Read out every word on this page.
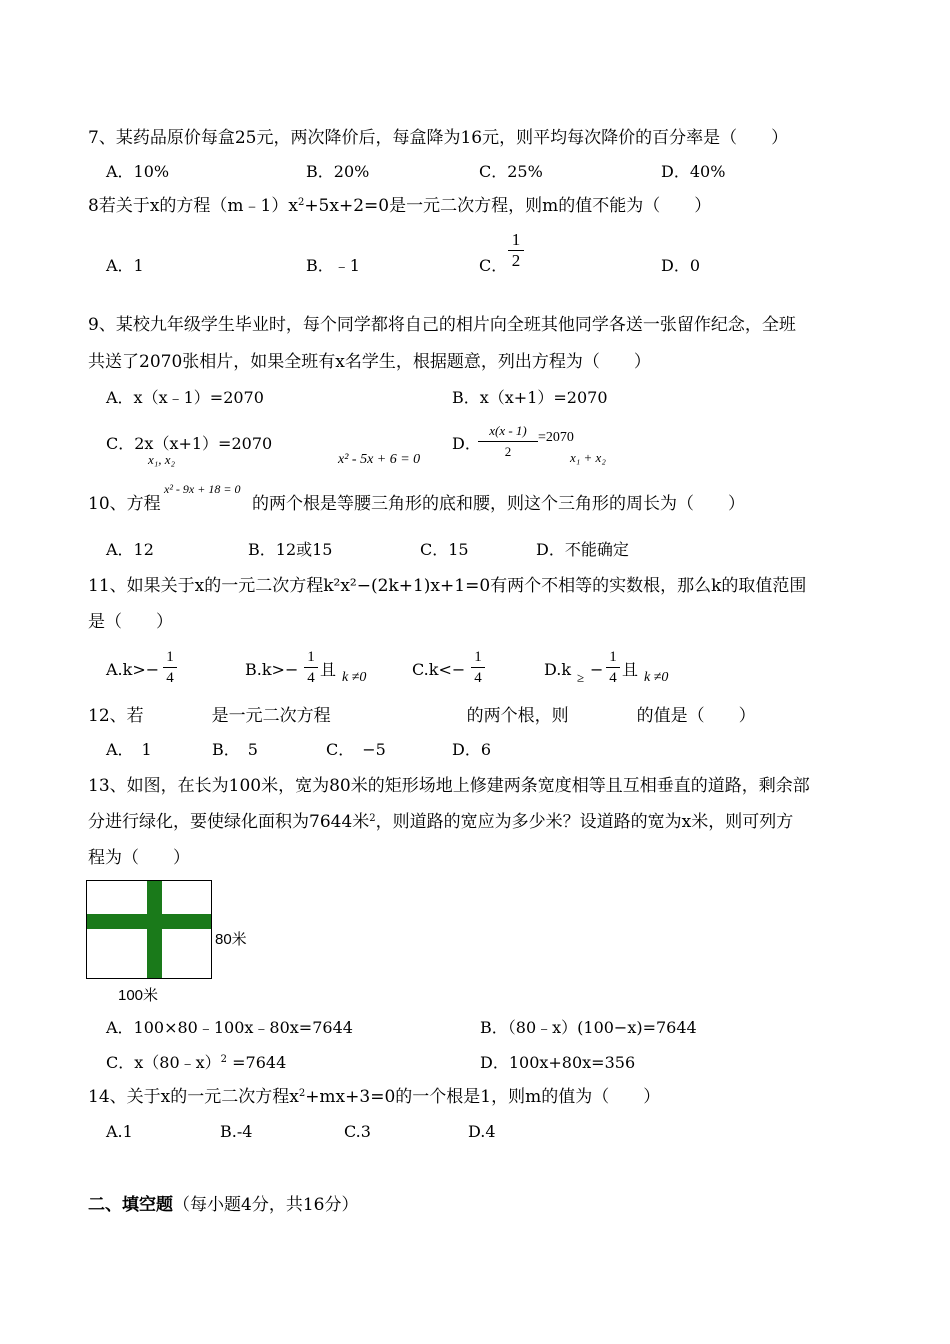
7、某药品原价每盒25元，两次降价后，每盒降为16元，则平均每次降价的百分率是（　　）
A．10%	B．20%	C．25%	D．40%
8若关于x的方程$(m﹣1)x^2+5x+2=0$是一元二次方程，则m的值不能为（　　）
A．1	B．﹣1	C．
1
2	D．0
9、某校九年级学生毕业时，每个同学都将自己的相片向全班其他同学各送一张留作纪念，全班
共送了2070张相片，如果全班有x名学生，根据题意，列出方程为（　　）
A．x（x﹣1）=2070	B．x（x+1）=2070
C．2x（x+1）=2070
x₁, x₂	x² - 5x + 6 = 0
D．
x(x - 1)
2
=2070
x₁ + x₂
10、方程
x² - 9x + 18 = 0
的两个根是等腰三角形的底和腰，则这个三角形的周长为（　　）
A．12	B．12或15	C．15	D．不能确定
11、如果关于x的一元二次方程k²x²−(2k+1)x+1=0有两个不相等的实数根，那么k的取值范围
是（　　）
A.k>−
1
4	B.k>−
1
4 且 k ≠0	C.k<−
1
4	D.k ≥ −
1
4 且 k ≠0
12、若　　　　是一元二次方程　　　　　　　　的两个根，则　　　　的值是（　　）
A．　1	B．　5	C．　−5	D．6
13、如图，在长为100米，宽为80米的矩形场地上修建两条宽度相等且互相垂直的道路，剩余部
分进行绿化，要使绿化面积为7644米$^2$，则道路的宽应为多少米？设道路的宽为x米，则可列方
程为（　　）
80米
100米
A．100×80﹣100x﹣80x=7644	B．（80﹣x）(100−x)=7644
C．x（80﹣x）$^2$ =7644	D．100x+80x=356
14、关于x的一元二次方程$x^2+mx+3=0$的一个根是1，则m的值为（　　）
A.1	B.-4	C.3	D.4
二、填空题（每小题4分，共16分）
